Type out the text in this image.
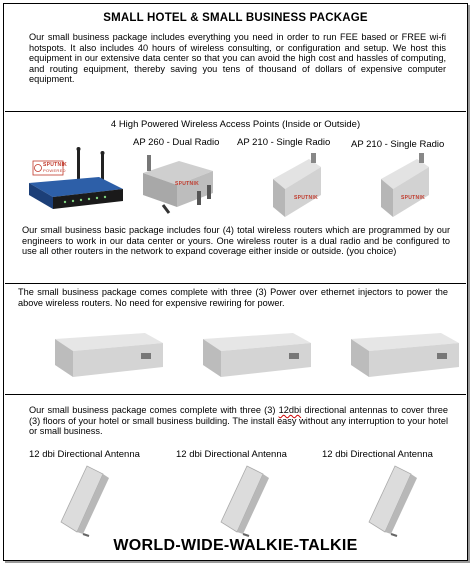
SMALL HOTEL & SMALL BUSINESS PACKAGE
Our small business package includes everything you need in order to run FEE based or FREE wi-fi hotspots. It also includes 40 hours of wireless consulting, or configuration and setup. We host this equipment in our extensive data center so that you can avoid the high cost and hassles of computing, and routing equipment, thereby saving you tens of thousand of dollars of expensive computer equipment.
4 High Powered Wireless Access Points (Inside or Outside)
AP 260 - Dual Radio AP 210 - Single Radio AP 210 - Single Radio
SPUTNIK
POWERED
SPUTNIK
SPUTNIK	SPUTNIK
Our small business basic package includes four (4) total wireless routers which are programmed by our engineers to work in our data center or yours. One wireless router is a dual radio and be configured to use all other routers in the network to expand coverage either inside or outside. (you choice)
The small business package comes complete with three (3) Power over ethernet injectors to power the above wireless routers. No need for expensive rewiring for power.
Our small business package comes complete with three (3) 12dbi directional antennas to cover three (3) floors of your hotel or small business building. The install easy without any interruption to your hotel or small business.
12 dbi Directional Antenna	12 dbi Directional Antenna	12 dbi Directional Antenna
WORLD-WIDE-WALKIE-TALKIE
